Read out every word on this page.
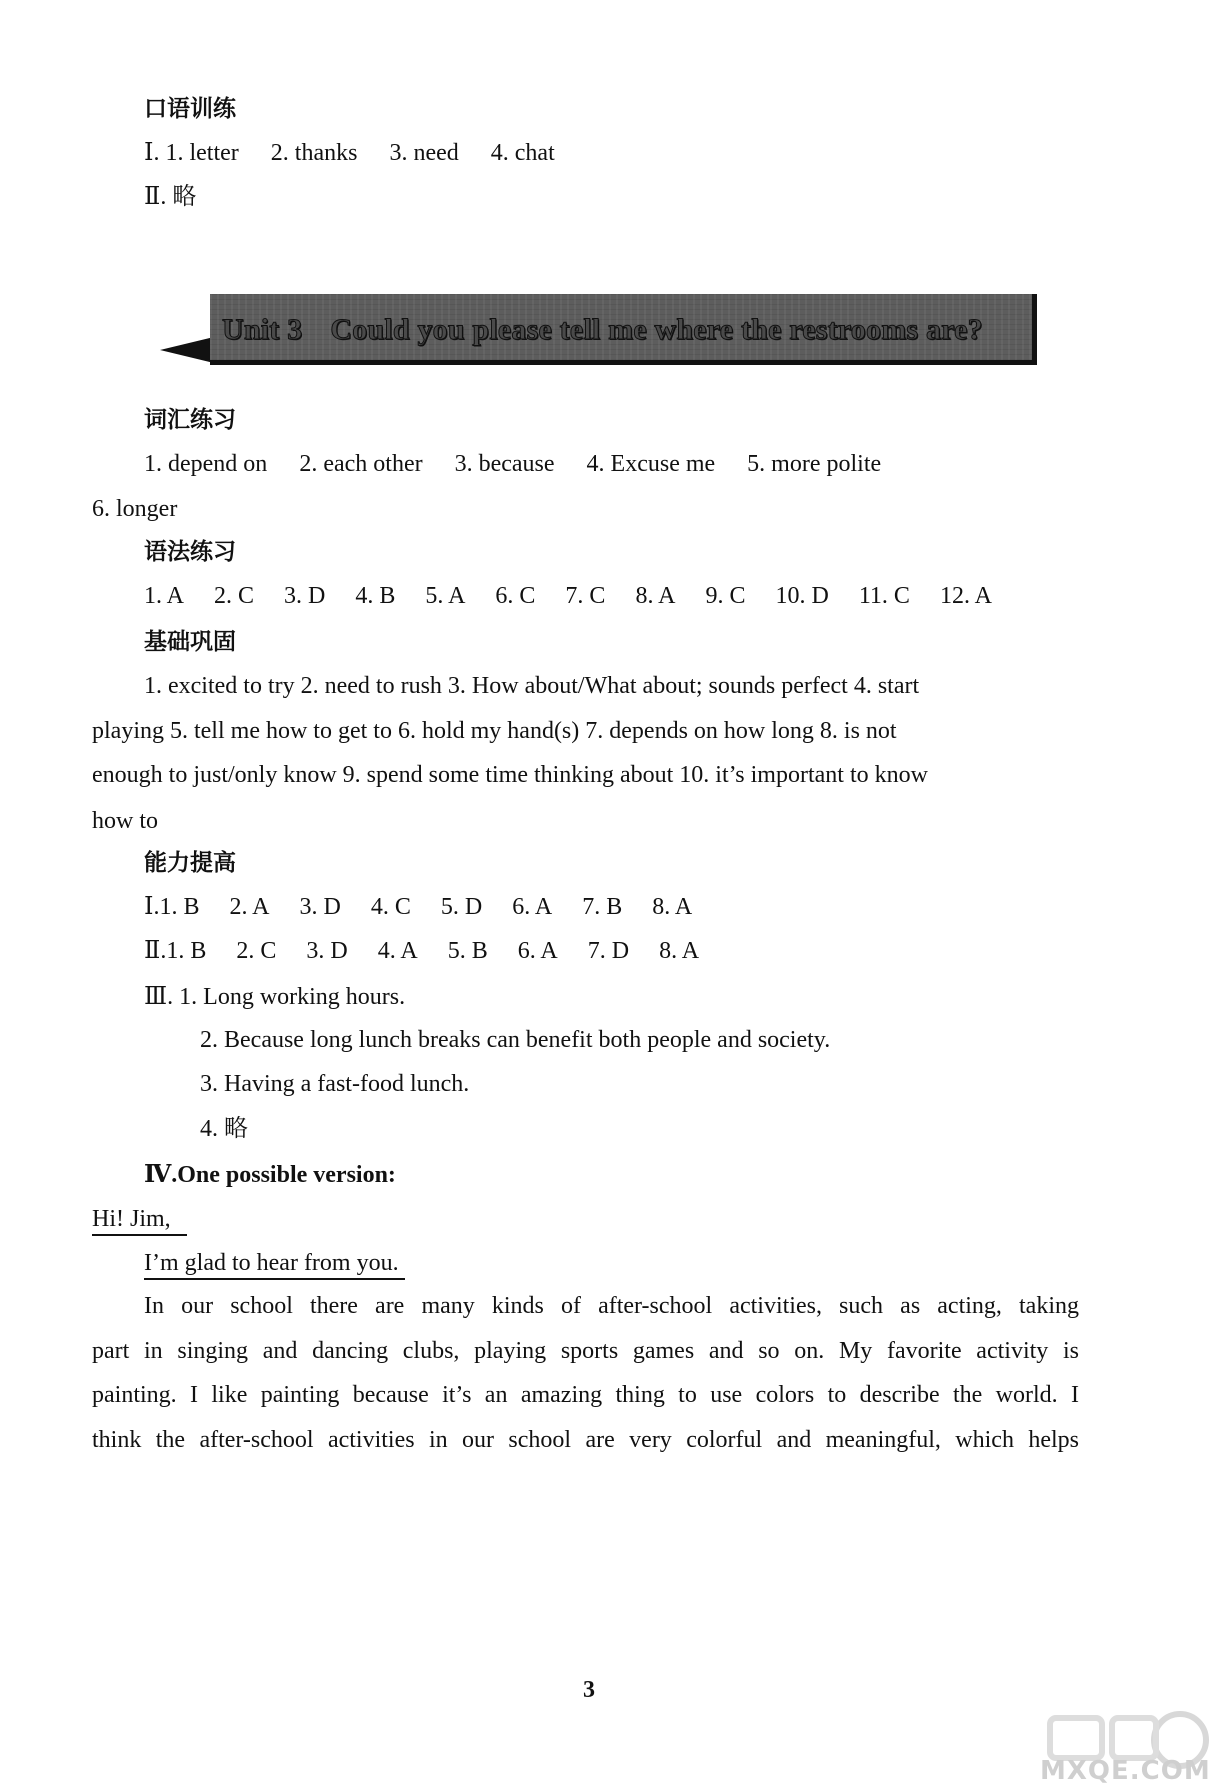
口语训练
Ⅰ. 1. letter 2. thanks 3. need 4. chat
Ⅱ. 略
Unit 3 Could you please tell me where the restrooms are?
词汇练习
1. depend on 2. each other 3. because 4. Excuse me 5. more polite
6. longer
语法练习
1. A 2. C 3. D 4. B 5. A 6. C 7. C 8. A 9. C 10. D 11. C 12. A
基础巩固
1. excited to try 2. need to rush 3. How about/What about; sounds perfect 4. start
playing 5. tell me how to get to 6. hold my hand(s) 7. depends on how long 8. is not
enough to just/only know 9. spend some time thinking about 10. it’s important to know
how to
能力提高
Ⅰ.1. B 2. A 3. D 4. C 5. D 6. A 7. B 8. A
Ⅱ.1. B 2. C 3. D 4. A 5. B 6. A 7. D 8. A
Ⅲ. 1. Long working hours.
2. Because long lunch breaks can benefit both people and society.
3. Having a fast-food lunch.
4. 略
Ⅳ.One possible version:
Hi! Jim,
I’m glad to hear from you.
In our school there are many kinds of after-school activities, such as acting, taking
part in singing and dancing clubs, playing sports games and so on. My favorite activity is
painting. I like painting because it’s an amazing thing to use colors to describe the world. I
think the after-school activities in our school are very colorful and meaningful, which helps
3
MXQE.COM
